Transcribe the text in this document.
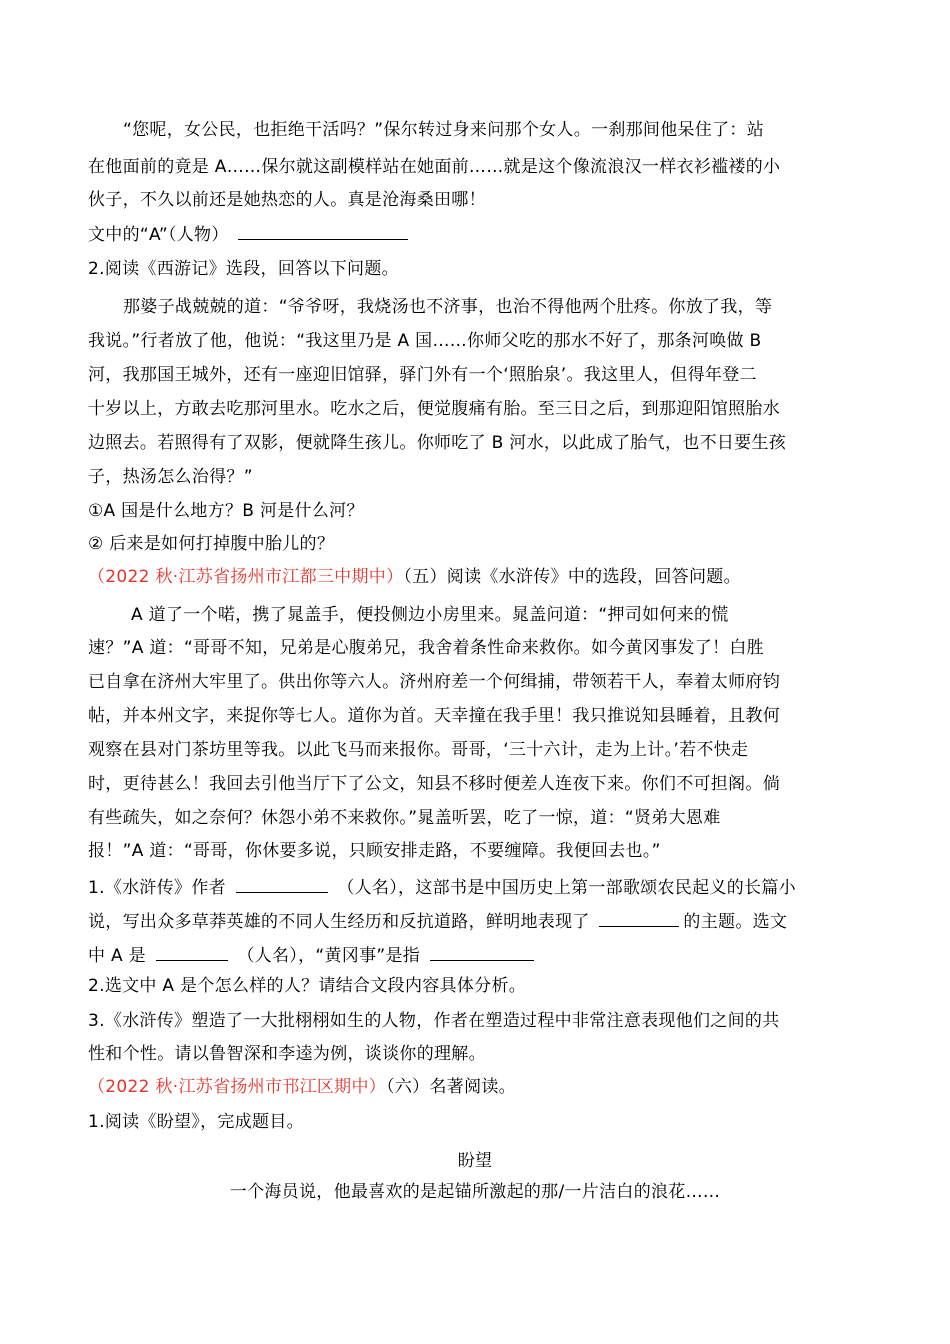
“您呢，女公民，也拒绝干活吗？”保尔转过身来问那个女人。一刹那间他呆住了：站
在他面前的竟是 A……保尔就这副模样站在她面前……就是这个像流浪汉一样衣衫褴褛的小
伙子，不久以前还是她热恋的人。真是沧海桑田哪！
文中的“A”（人物）
2.阅读《西游记》选段，回答以下问题。
那婆子战兢兢的道：“爷爷呀，我烧汤也不济事，也治不得他两个肚疼。你放了我，等
我说。”行者放了他，他说：“我这里乃是 A 国……你师父吃的那水不好了，那条河唤做 B
河，我那国王城外，还有一座迎旧馆驿，驿门外有一个‘照胎泉’。我这里人，但得年登二
十岁以上，方敢去吃那河里水。吃水之后，便觉腹痛有胎。至三日之后，到那迎阳馆照胎水
边照去。若照得有了双影，便就降生孩儿。你师吃了 B 河水，以此成了胎气，也不日要生孩
子，热汤怎么治得？”
①A 国是什么地方？B 河是什么河？
② 后来是如何打掉腹中胎儿的？
（2022 秋·江苏省扬州市江都三中期中）（五）阅读《水浒传》中的选段，回答问题。
A 道了一个喏，携了晁盖手，便投侧边小房里来。晁盖问道：“押司如何来的慌
速？”A 道：“哥哥不知，兄弟是心腹弟兄，我舍着条性命来救你。如今黄冈事发了！白胜
已自拿在济州大牢里了。供出你等六人。济州府差一个何缉捕，带领若干人，奉着太师府钧
帖，并本州文字，来捉你等七人。道你为首。天幸撞在我手里！我只推说知县睡着，且教何
观察在县对门茶坊里等我。以此飞马而来报你。哥哥，‘三十六计，走为上计。’若不快走
时，更待甚么！我回去引他当厅下了公文，知县不移时便差人连夜下来。你们不可担阁。倘
有些疏失，如之奈何？休怨小弟不来救你。”晁盖听罢，吃了一惊，道：“贤弟大恩难
报！”A 道：“哥哥，你休要多说，只顾安排走路，不要缠障。我便回去也。”
1.《水浒传》作者	（人名），这部书是中国历史上第一部歌颂农民起义的长篇小
说，写出众多草莽英雄的不同人生经历和反抗道路，鲜明地表现了	的主题。选文
中 A 是	（人名），“黄冈事”是指
2.选文中 A 是个怎么样的人？请结合文段内容具体分析。
3.《水浒传》塑造了一大批栩栩如生的人物，作者在塑造过程中非常注意表现他们之间的共
性和个性。请以鲁智深和李逵为例，谈谈你的理解。
（2022 秋·江苏省扬州市邗江区期中）（六）名著阅读。
1.阅读《盼望》，完成题目。
盼望
一个海员说，他最喜欢的是起锚所激起的那/一片洁白的浪花……
